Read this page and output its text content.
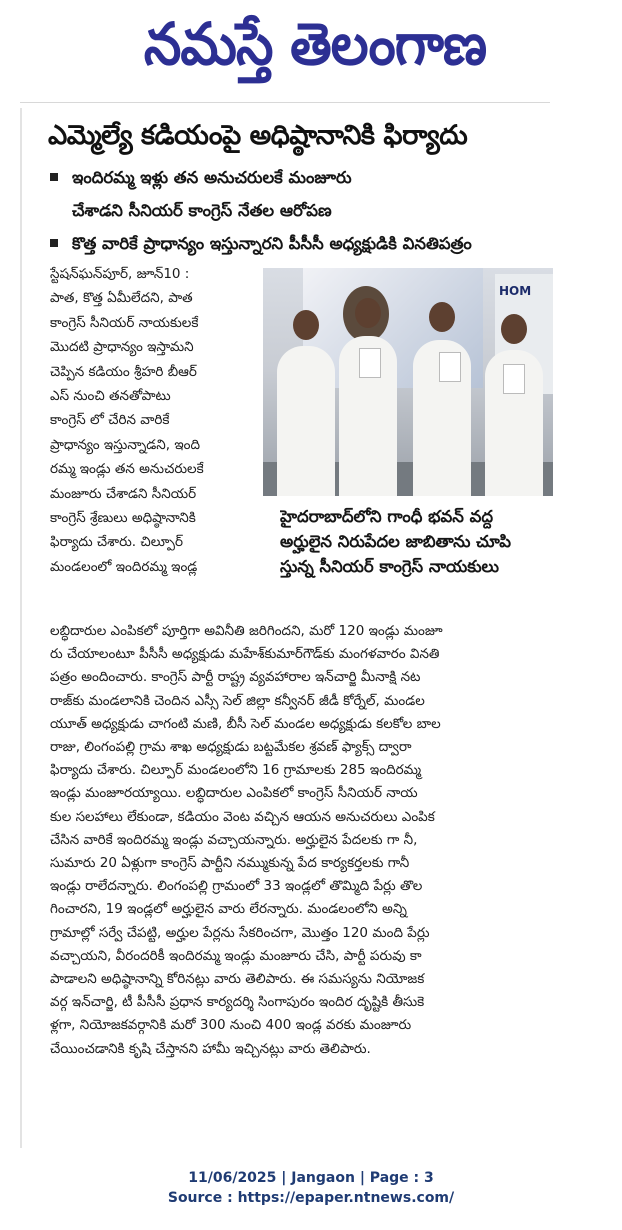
నమస్తే తెలంగాణ
ఎమ్మెల్యే కడియంపై అధిష్ఠానానికి ఫిర్యాదు
ఇందిరమ్మ ఇళ్లు తన అనుచరులకే మంజూరు
చేశాడని సీనియర్ కాంగ్రెస్ నేతల ఆరోపణ
కొత్త వారికే ప్రాధాన్యం ఇస్తున్నారని పీసీసీ అధ్యక్షుడికి వినతిపత్రం
స్టేషన్‌ఘన్‌పూర్, జూన్10 :
పాత, కొత్త ఏమీలేదని, పాత
కాంగ్రెస్ సీనియర్ నాయకులకే
మొదటి ప్రాధాన్యం ఇస్తామని
చెప్పిన కడియం శ్రీహరి బీఆర్
ఎస్ నుంచి తనతోపాటు
కాంగ్రెస్ లో చేరిన వారికే
ప్రాధాన్యం ఇస్తున్నాడని, ఇంది
రమ్మ ఇండ్లు తన అనుచరులకే
మంజూరు చేశాడని సీనియర్
కాంగ్రెస్ శ్రేణులు అధిష్ఠానానికి
ఫిర్యాదు చేశారు. చిల్పూర్
మండలంలో ఇందిరమ్మ ఇండ్ల
HOM
హైదరాబాద్‌లోని గాంధీ భవన్ వద్ద
అర్హులైన నిరుపేదల జాబితాను చూపి
స్తున్న సీనియర్ కాంగ్రెస్ నాయకులు
లబ్ధిదారుల ఎంపికలో పూర్తిగా అవినీతి జరిగిందని, మరో 120 ఇండ్లు మంజూ
రు చేయాలంటూ పీసీసీ అధ్యక్షుడు మహేశ్‌కుమార్‌గౌడ్‌కు మంగళవారం వినతి
పత్రం అందించారు. కాంగ్రెస్ పార్టీ రాష్ట్ర వ్యవహారాల ఇన్‌చార్జి మీనాక్షి నట
రాజ్‌కు మండలానికి చెందిన ఎస్సీ సెల్ జిల్లా కన్వీనర్ జీడీ కోర్నేల్, మండల
యూత్ అధ్యక్షుడు చాగంటి మణి, బీసీ సెల్ మండల అధ్యక్షుడు కలకోల బాల
రాజు, లింగంపల్లి గ్రామ శాఖ అధ్యక్షుడు బట్టమేకల శ్రవణ్ ఫ్యాక్స్ ద్వారా
ఫిర్యాదు చేశారు. చిల్పూర్ మండలంలోని 16 గ్రామాలకు 285 ఇందిరమ్మ
ఇండ్లు మంజూరయ్యాయి. లబ్ధిదారుల ఎంపికలో కాంగ్రెస్ సీనియర్ నాయ
కుల సలహాలు లేకుండా, కడియం వెంట వచ్చిన ఆయన అనుచరులు ఎంపిక
చేసిన వారికే ఇందిరమ్మ ఇండ్లు వచ్చాయన్నారు. అర్హులైన పేదలకు గా నీ,
సుమారు 20 ఏళ్లుగా కాంగ్రెస్ పార్టీని నమ్ముకున్న పేద కార్యకర్తలకు గానీ
ఇండ్లు రాలేదన్నారు. లింగంపల్లి గ్రామంలో 33 ఇండ్లలో తొమ్మిది పేర్లు తొల
గించారని, 19 ఇండ్లలో అర్హులైన వారు లేరన్నారు. మండలంలోని అన్ని
గ్రామాల్లో సర్వే చేపట్టి, అర్హుల పేర్లను సేకరించగా, మొత్తం 120 మంది పేర్లు
వచ్చాయని, వీరందరికీ ఇందిరమ్మ ఇండ్లు మంజూరు చేసి, పార్టీ పరువు కా
పాడాలని అధిష్ఠానాన్ని కోరినట్లు వారు తెలిపారు. ఈ సమస్యను నియోజక
వర్గ ఇన్‌చార్జి, టీ పీసీసీ ప్రధాన కార్యదర్శి సింగాపురం ఇందిర దృష్టికి తీసుకె
ళ్లగా, నియోజకవర్గానికి మరో 300 నుంచి 400 ఇండ్ల వరకు మంజూరు
చేయించడానికి కృషి చేస్తానని హామీ ఇచ్చినట్లు వారు తెలిపారు.
11/06/2025 | Jangaon | Page : 3
Source : https://epaper.ntnews.com/
